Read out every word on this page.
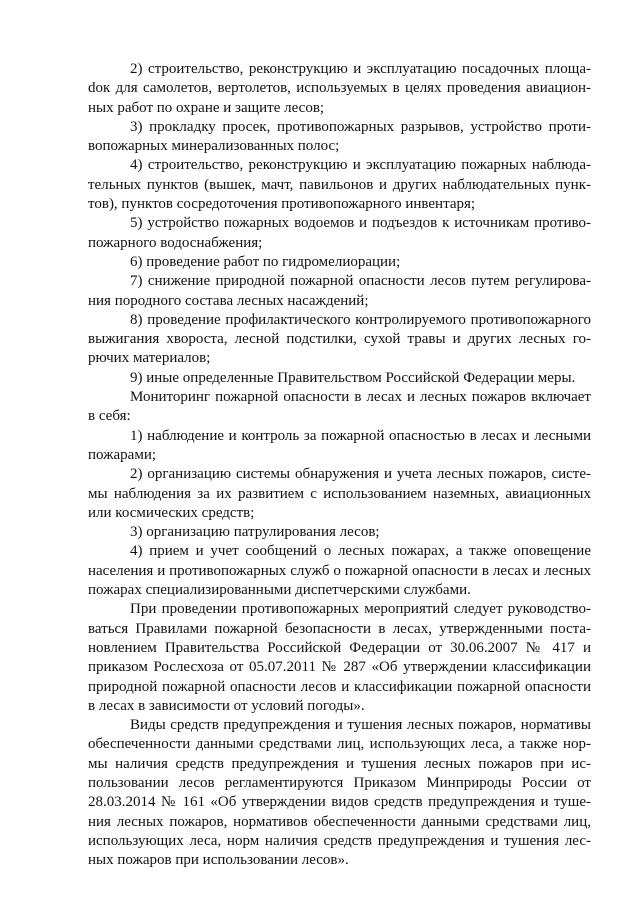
2) строительство, реконструкцию и эксплуатацию посадочных площаdок для самолетов, вертолетов, используемых в целях проведения авиационных работ по охране и защите лесов;

3) прокладку просек, противопожарных разрывов, устройство противопожарных минерализованных полос;

4) строительство, реконструкцию и эксплуатацию пожарных наблюдательных пунктов (вышек, мачт, павильонов и других наблюдательных пунктов), пунктов сосредоточения противопожарного инвентаря;

5) устройство пожарных водоемов и подъездов к источникам противопожарного водоснабжения;

6) проведение работ по гидромелиорации;

7) снижение природной пожарной опасности лесов путем регулирования породного состава лесных насаждений;

8) проведение профилактического контролируемого противопожарного выжигания хвороста, лесной подстилки, сухой травы и других лесных горючих материалов;

9) иные определенные Правительством Российской Федерации меры.

Мониторинг пожарной опасности в лесах и лесных пожаров включает в себя:

1) наблюдение и контроль за пожарной опасностью в лесах и лесными пожарами;

2) организацию системы обнаружения и учета лесных пожаров, системы наблюдения за их развитием с использованием наземных, авиационных или космических средств;

3) организацию патрулирования лесов;

4) прием и учет сообщений о лесных пожарах, а также оповещение населения и противопожарных служб о пожарной опасности в лесах и лесных пожарах специализированными диспетчерскими службами.

При проведении противопожарных мероприятий следует руководствоваться Правилами пожарной безопасности в лесах, утвержденными постановлением Правительства Российской Федерации от 30.06.2007 № 417 и приказом Рослесхоза от 05.07.2011 № 287 «Об утверждении классификации природной пожарной опасности лесов и классификации пожарной опасности в лесах в зависимости от условий погоды».

Виды средств предупреждения и тушения лесных пожаров, нормативы обеспеченности данными средствами лиц, использующих леса, а также нормы наличия средств предупреждения и тушения лесных пожаров при использовании лесов регламентируются Приказом Минприроды России от 28.03.2014 № 161 «Об утверждении видов средств предупреждения и тушения лесных пожаров, нормативов обеспеченности данными средствами лиц, использующих леса, норм наличия средств предупреждения и тушения лесных пожаров при использовании лесов».
